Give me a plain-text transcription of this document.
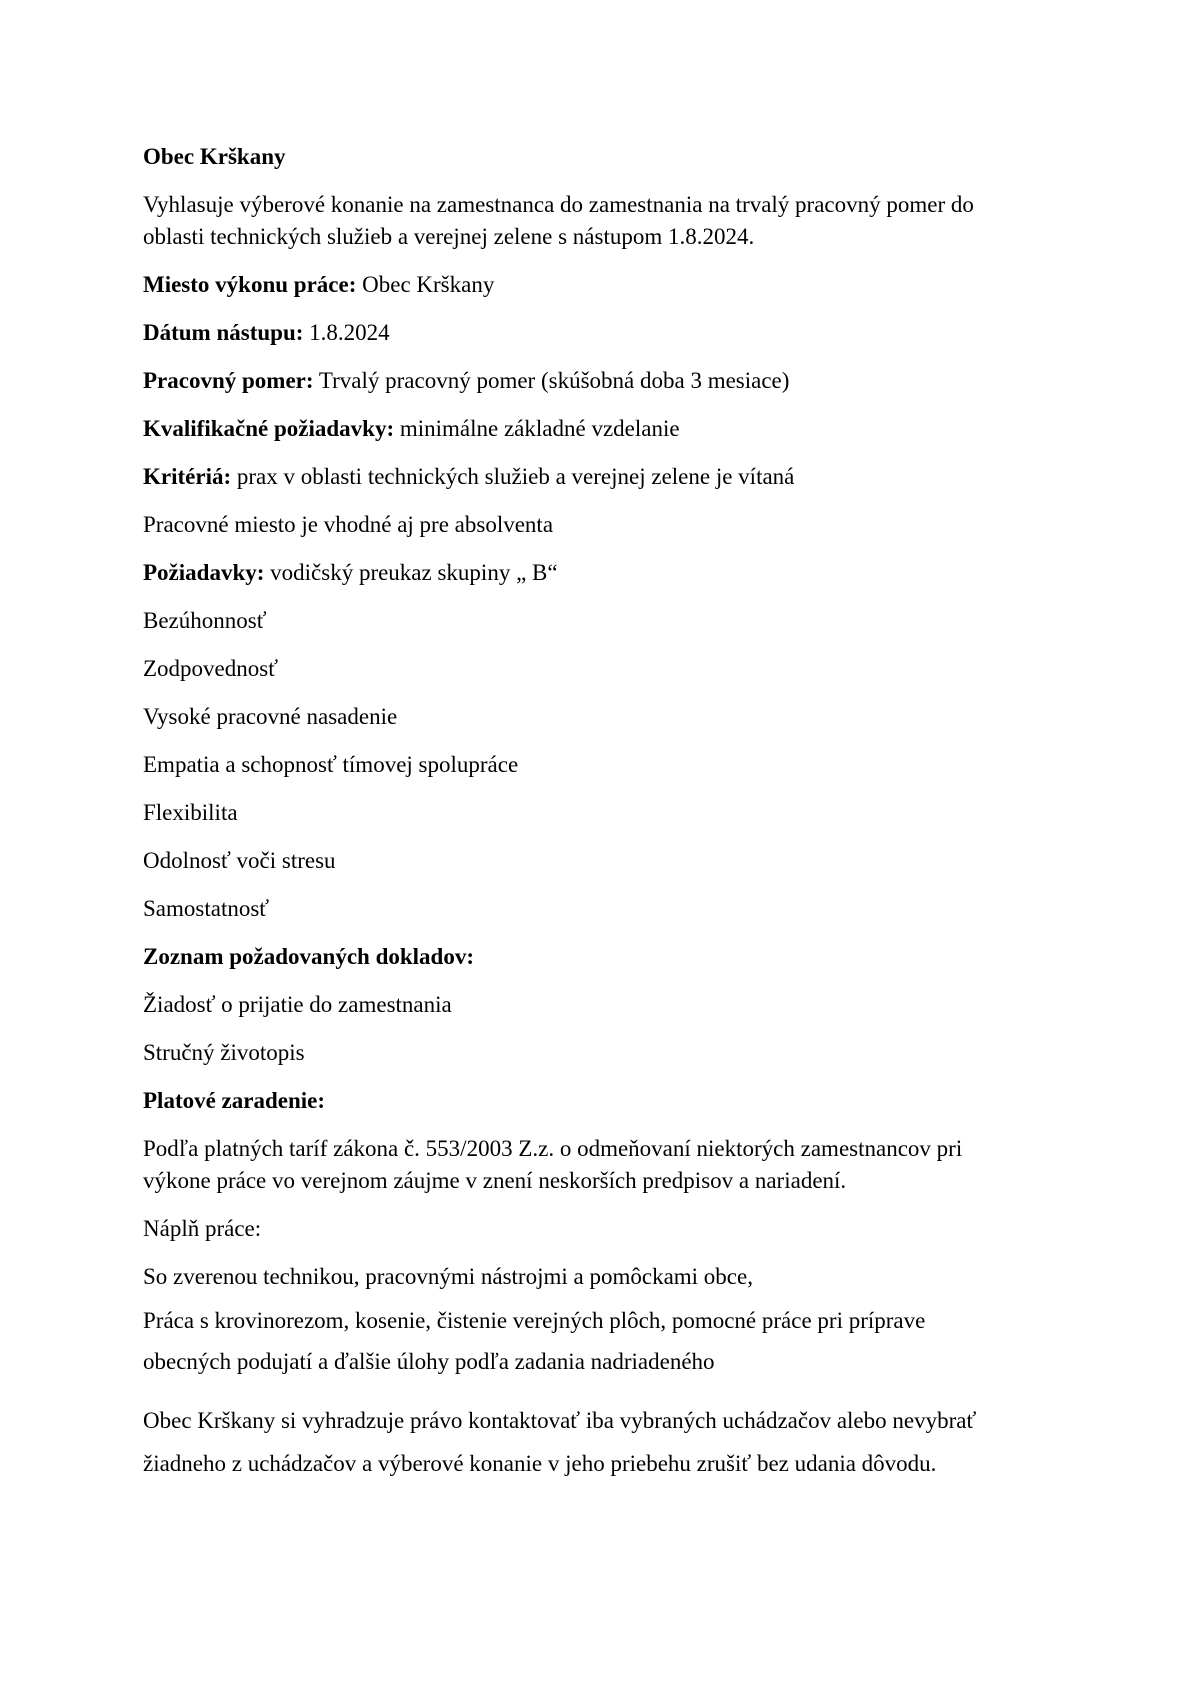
Obec Krškany

Vyhlasuje výberové konanie na zamestnanca do zamestnania na trvalý pracovný pomer do

oblasti technických služieb a verejnej zelene s nástupom 1.8.2024.

Miesto výkonu práce: Obec Krškany

Dátum nástupu: 1.8.2024

Pracovný pomer: Trvalý pracovný pomer (skúšobná doba 3 mesiace)

Kvalifikačné požiadavky: minimálne základné vzdelanie

Kritériá: prax v oblasti technických služieb a verejnej zelene je vítaná

Pracovné miesto je vhodné aj pre absolventa

Požiadavky: vodičský preukaz skupiny „ B“

Bezúhonnosť

Zodpovednosť

Vysoké pracovné nasadenie

Empatia a schopnosť tímovej spolupráce

Flexibilita

Odolnosť voči stresu

Samostatnosť

Zoznam požadovaných dokladov:

Žiadosť o prijatie do zamestnania

Stručný životopis

Platové zaradenie:

Podľa platných taríf zákona č. 553/2003 Z.z. o odmeňovaní niektorých zamestnancov pri

výkone práce vo verejnom záujme v znení neskorších predpisov a nariadení.

Náplň práce:

So zverenou technikou, pracovnými nástrojmi a pomôckami obce,

Práca s krovinorezom, kosenie, čistenie verejných plôch, pomocné práce pri príprave

obecných podujatí a ďalšie úlohy podľa zadania nadriadeného

Obec Krškany si vyhradzuje právo kontaktovať iba vybraných uchádzačov alebo nevybrať

žiadneho z uchádzačov a výberové konanie v jeho priebehu zrušiť bez udania dôvodu.
